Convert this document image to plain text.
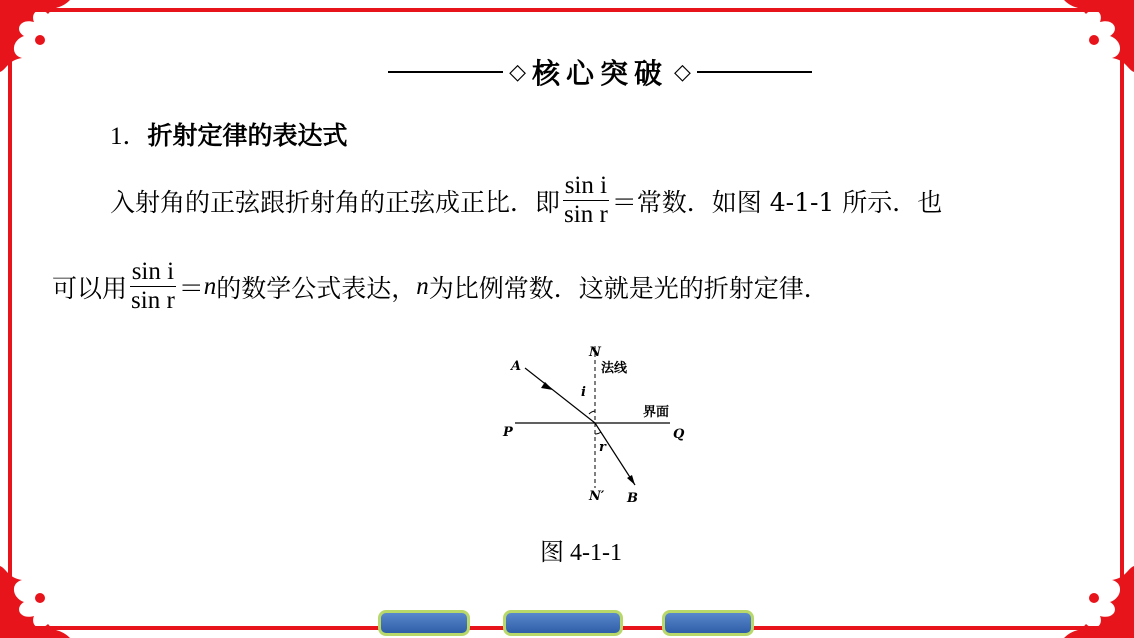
◇ 核心突破 ◇
1．折射定律的表达式
入射角的正弦跟折射角的正弦成正比．即 $\frac{\text{sin i}}{\text{sin r}}$ ＝常数．如图 4-1-1 所示．也
可以用 $\frac{\text{sin i}}{\text{sin r}} = n$ 的数学公式表达， n 为比例常数．这就是光的折射定律．
A
N
法线
i
界面
P	Q
r
N′ B
图 4-1-1
